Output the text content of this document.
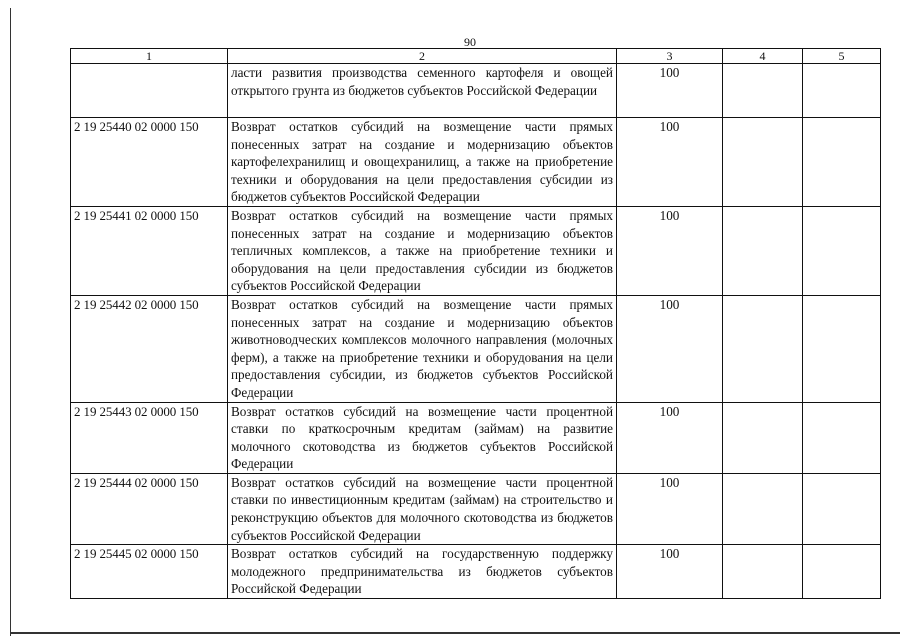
90
1	2	3	4	5
	ласти развития производства семенного картофеля и овощей открытого грунта из бюджетов субъектов Российской Федерации	100		
2 19 25440 02 0000 150	Возврат остатков субсидий на возмещение части прямых понесенных затрат на создание и модернизацию объектов картофелехранилищ и овощехранилищ, а также на приобретение техники и оборудования на цели предоставления субсидии из бюджетов субъектов Российской Федерации	100		
2 19 25441 02 0000 150	Возврат остатков субсидий на возмещение части прямых понесенных затрат на создание и модернизацию объектов тепличных комплексов, а также на приобретение техники и оборудования на цели предоставления субсидии из бюджетов субъектов Российской Федерации	100		
2 19 25442 02 0000 150	Возврат остатков субсидий на возмещение части прямых понесенных затрат на создание и модернизацию объектов животноводческих комплексов молочного направления (молочных ферм), а также на приобретение техники и оборудования на цели предоставления субсидии, из бюджетов субъектов Российской Федерации	100		
2 19 25443 02 0000 150	Возврат остатков субсидий на возмещение части процентной ставки по краткосрочным кредитам (займам) на развитие молочного скотоводства из бюджетов субъектов Российской Федерации	100		
2 19 25444 02 0000 150	Возврат остатков субсидий на возмещение части процентной ставки по инвестиционным кредитам (займам) на строительство и реконструкцию объектов для молочного скотоводства из бюджетов субъектов Российской Федерации	100		
2 19 25445 02 0000 150	Возврат остатков субсидий на государственную поддержку молодежного предпринимательства из бюджетов субъектов Российской Федерации	100		
